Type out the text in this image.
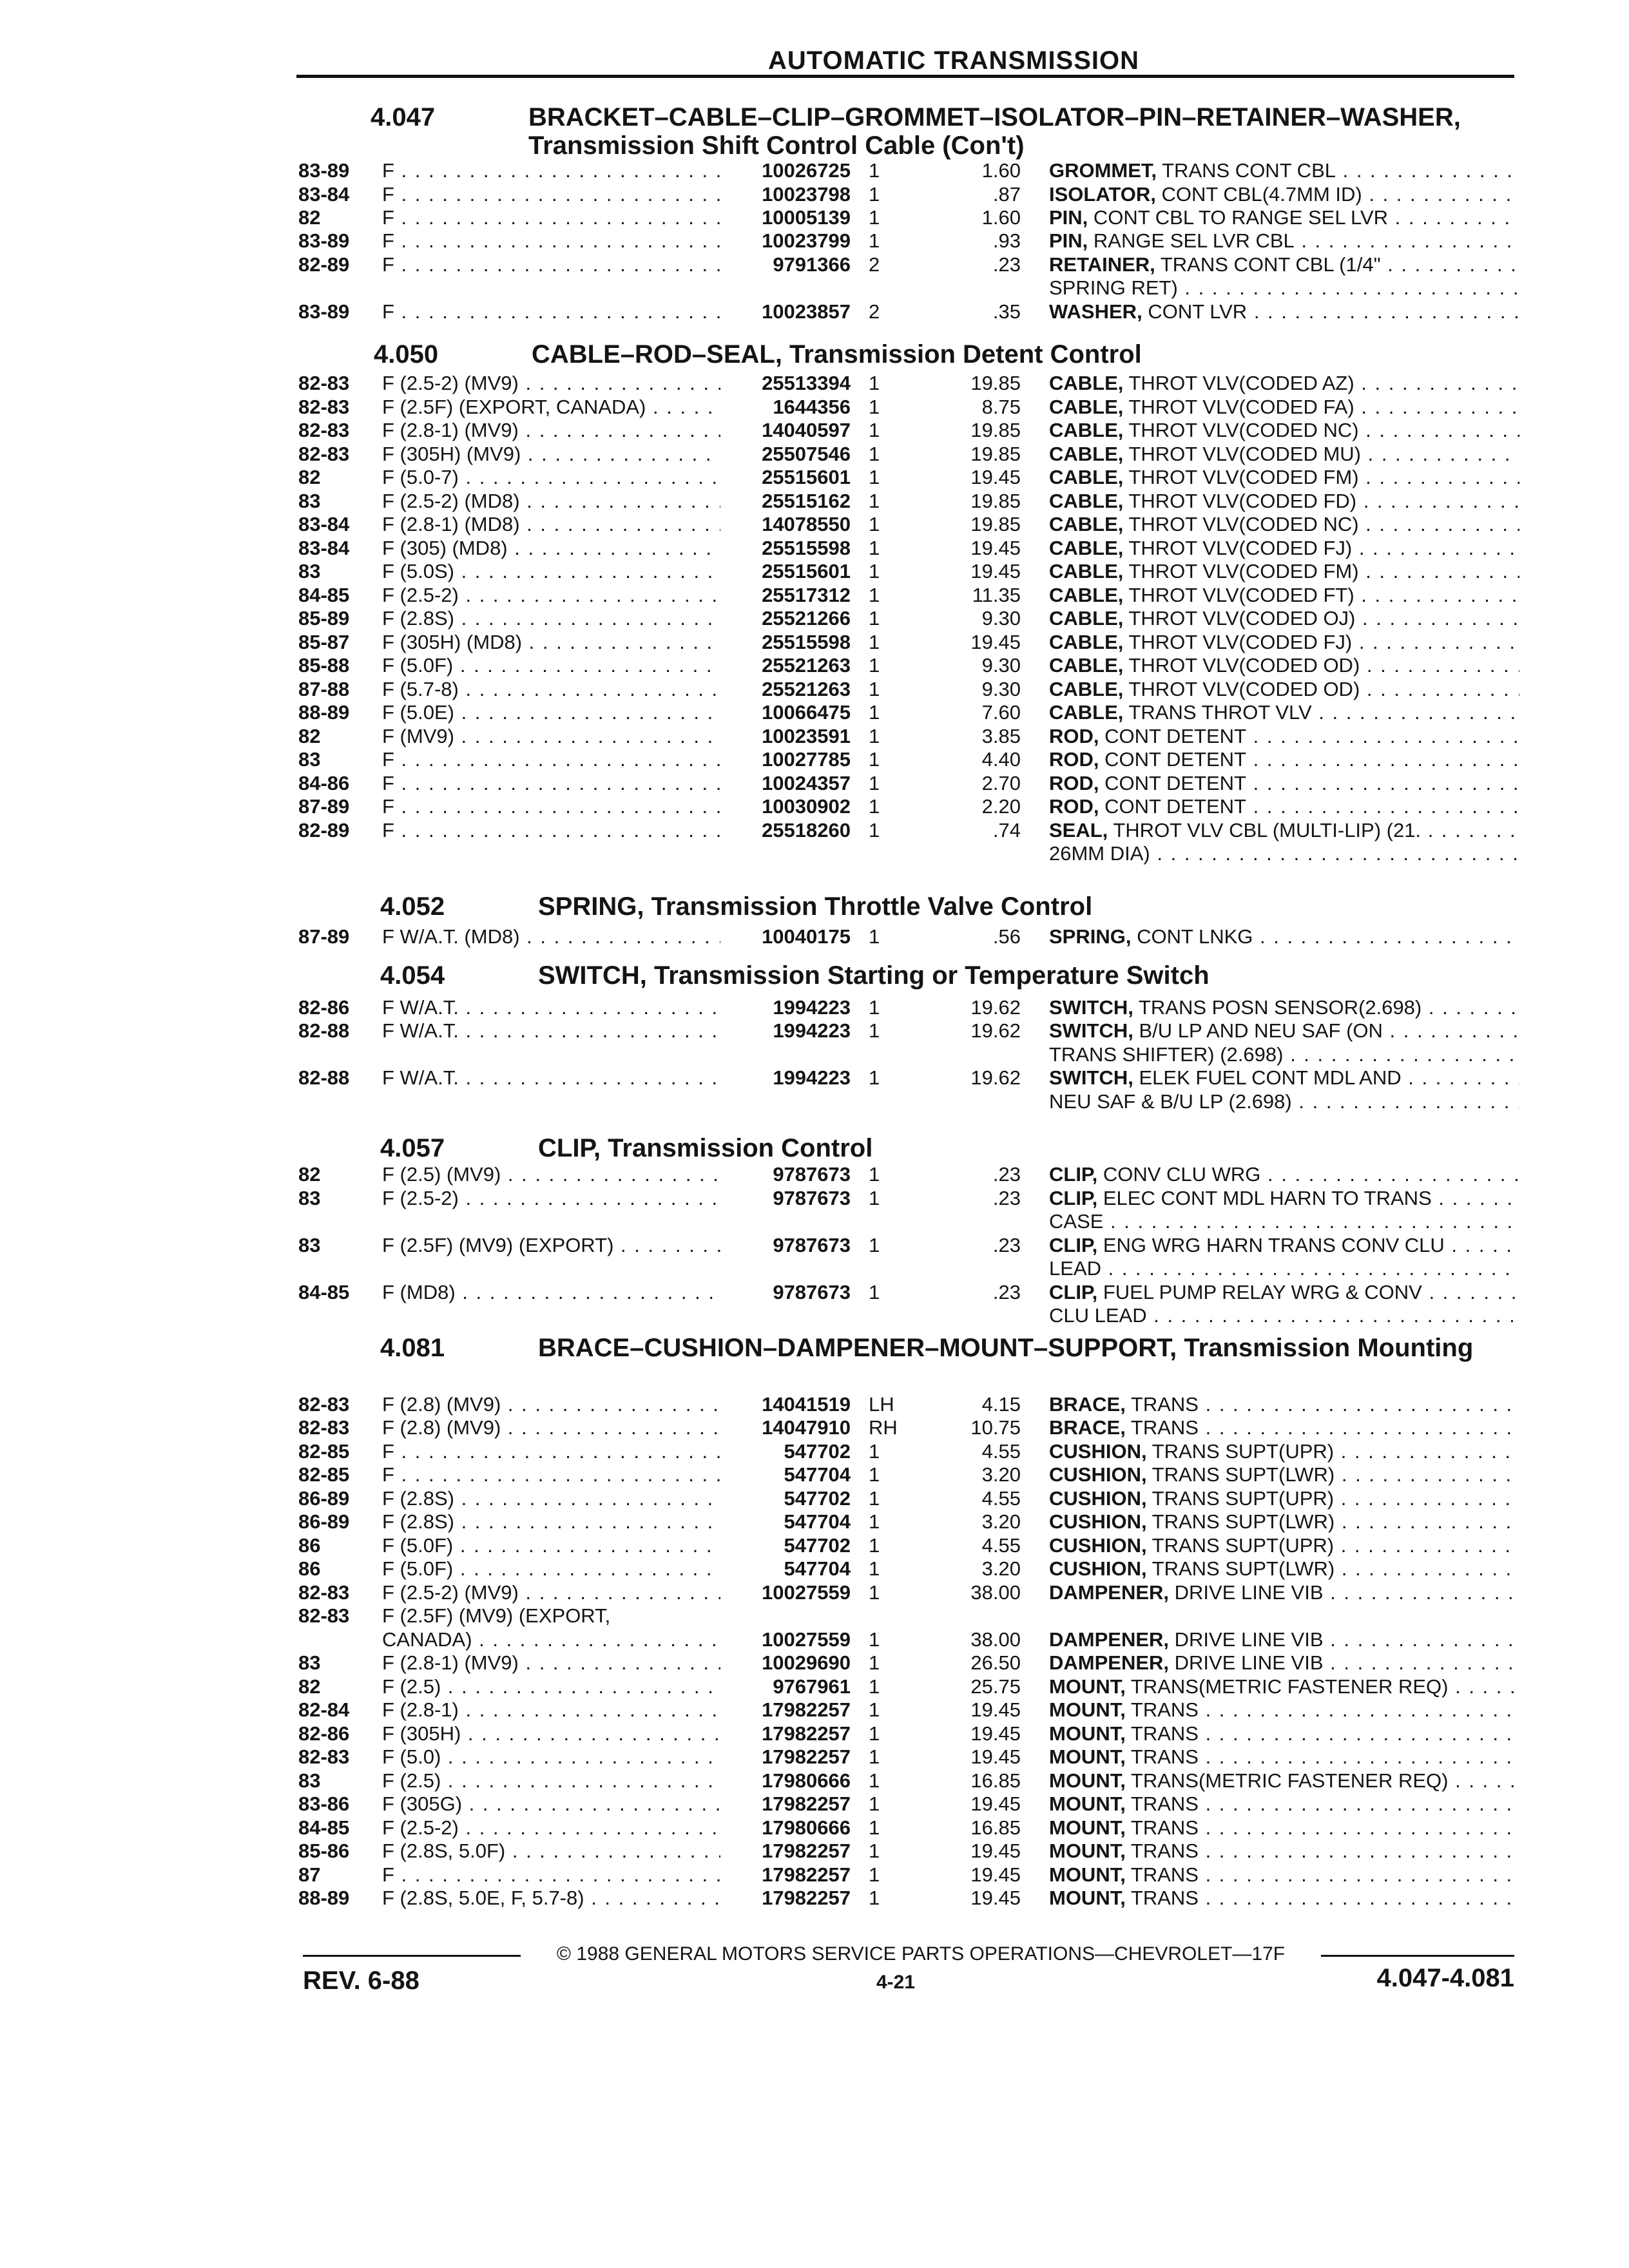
AUTOMATIC TRANSMISSION
4.047	BRACKET–CABLE–CLIP–GROMMET–ISOLATOR–PIN–RETAINER–WASHER, Transmission Shift Control Cable (Con't)
4.050	CABLE–ROD–SEAL, Transmission Detent Control
4.052	SPRING, Transmission Throttle Valve Control
4.054	SWITCH, Transmission Starting or Temperature Switch
4.057	CLIP, Transmission Control
4.081	BRACE–CUSHION–DAMPENER–MOUNT–SUPPORT, Transmission Mounting
83-89 F . . .	10026725 1	1.60 GROMMET, TRANS CONT CBL . . .
83-84 F . . .	10023798 1	.87 ISOLATOR, CONT CBL(4.7MM ID) . . .
82	F . . .	10005139 1	1.60 PIN, CONT CBL TO RANGE SEL LVR . . .
83-89 F . . .	10023799 1	.93 PIN, RANGE SEL LVR CBL . . .
82-89 F . . .	9791366 2	.23 RETAINER, TRANS CONT CBL (1/4" . . .
SPRING RET) . . .
83-89 F . . .	10023857 2	.35 WASHER, CONT LVR . . .
82-83 F (2.5-2) (MV9) . . .	25513394 1	19.85 CABLE, THROT VLV(CODED AZ) . . .
82-83 F (2.5F) (EXPORT, CANADA) . . .	1644356 1	8.75 CABLE, THROT VLV(CODED FA) . . .
82-83 F (2.8-1) (MV9) . . .	14040597 1	19.85 CABLE, THROT VLV(CODED NC) . . .
82-83 F (305H) (MV9) . . .	25507546 1	19.85 CABLE, THROT VLV(CODED MU) . . .
82	F (5.0-7) . . .	25515601 1	19.45 CABLE, THROT VLV(CODED FM) . . .
83	F (2.5-2) (MD8) . . .	25515162 1	19.85 CABLE, THROT VLV(CODED FD) . . .
83-84 F (2.8-1) (MD8) . . .	14078550 1	19.85 CABLE, THROT VLV(CODED NC) . . .
83-84 F (305) (MD8) . . .	25515598 1	19.45 CABLE, THROT VLV(CODED FJ) . . .
83	F (5.0S) . . .	25515601 1	19.45 CABLE, THROT VLV(CODED FM) . . .
84-85 F (2.5-2) . . .	25517312 1	11.35 CABLE, THROT VLV(CODED FT) . . .
85-89 F (2.8S) . . .	25521266 1	9.30 CABLE, THROT VLV(CODED OJ) . . .
85-87 F (305H) (MD8) . . .	25515598 1	19.45 CABLE, THROT VLV(CODED FJ) . . .
85-88 F (5.0F) . . .	25521263 1	9.30 CABLE, THROT VLV(CODED OD) . . .
87-88 F (5.7-8) . . .	25521263 1	9.30 CABLE, THROT VLV(CODED OD) . . .
88-89 F (5.0E) . . .	10066475 1	7.60 CABLE, TRANS THROT VLV . . .
82	F (MV9) . . .	10023591 1	3.85 ROD, CONT DETENT . . .
83	F . . .	10027785 1	4.40 ROD, CONT DETENT . . .
84-86 F . . .	10024357 1	2.70 ROD, CONT DETENT . . .
87-89 F . . .	10030902 1	2.20 ROD, CONT DETENT . . .
82-89 F . . .	25518260 1	.74 SEAL, THROT VLV CBL (MULTI-LIP) (21. . . .
26MM DIA) . . .
87-89 F W/A.T. (MD8) . . .	10040175 1	.56 SPRING, CONT LNKG . . .
82-86 F W/A.T. . . .	1994223 1	19.62 SWITCH, TRANS POSN SENSOR(2.698) . . .
82-88 F W/A.T. . . .	1994223 1	19.62 SWITCH, B/U LP AND NEU SAF (ON . . .
TRANS SHIFTER) (2.698) . . .
82-88 F W/A.T. . . .	1994223 1	19.62 SWITCH, ELEK FUEL CONT MDL AND . . .
NEU SAF & B/U LP (2.698) . . .
82	F (2.5) (MV9) . . .	9787673 1	.23 CLIP, CONV CLU WRG . . .
83	F (2.5-2) . . .	9787673 1	.23 CLIP, ELEC CONT MDL HARN TO TRANS . . .
CASE . . .
83	F (2.5F) (MV9) (EXPORT) . . .	9787673 1	.23 CLIP, ENG WRG HARN TRANS CONV CLU . . .
LEAD . . .
84-85 F (MD8) . . .	9787673 1	.23 CLIP, FUEL PUMP RELAY WRG & CONV . . .
CLU LEAD . . .
82-83 F (2.8) (MV9) . . .	14041519 LH	4.15 BRACE, TRANS . . .
82-83 F (2.8) (MV9) . . .	14047910 RH	10.75 BRACE, TRANS . . .
82-85 F . . .	547702 1	4.55 CUSHION, TRANS SUPT(UPR) . . .
82-85 F . . .	547704 1	3.20 CUSHION, TRANS SUPT(LWR) . . .
86-89 F (2.8S) . . .	547702 1	4.55 CUSHION, TRANS SUPT(UPR) . . .
86-89 F (2.8S) . . .	547704 1	3.20 CUSHION, TRANS SUPT(LWR) . . .
86	F (5.0F) . . .	547702 1	4.55 CUSHION, TRANS SUPT(UPR) . . .
86	F (5.0F) . . .	547704 1	3.20 CUSHION, TRANS SUPT(LWR) . . .
82-83 F (2.5-2) (MV9) . . .	10027559 1	38.00 DAMPENER, DRIVE LINE VIB . . .
82-83 F (2.5F) (MV9) (EXPORT,
CANADA) . . .	10027559 1	38.00 DAMPENER, DRIVE LINE VIB . . .
83	F (2.8-1) (MV9) . . .	10029690 1	26.50 DAMPENER, DRIVE LINE VIB . . .
82	F (2.5) . . .	9767961 1	25.75 MOUNT, TRANS(METRIC FASTENER REQ) . . .
82-84 F (2.8-1) . . .	17982257 1	19.45 MOUNT, TRANS . . .
82-86 F (305H) . . .	17982257 1	19.45 MOUNT, TRANS . . .
82-83 F (5.0) . . .	17982257 1	19.45 MOUNT, TRANS . . .
83	F (2.5) . . .	17980666 1	16.85 MOUNT, TRANS(METRIC FASTENER REQ) . . .
83-86 F (305G) . . .	17982257 1	19.45 MOUNT, TRANS . . .
84-85 F (2.5-2) . . .	17980666 1	16.85 MOUNT, TRANS . . .
85-86 F (2.8S, 5.0F) . . .	17982257 1	19.45 MOUNT, TRANS . . .
87	F . . .	17982257 1	19.45 MOUNT, TRANS . . .
88-89 F (2.8S, 5.0E, F, 5.7-8) . . .	17982257 1	19.45 MOUNT, TRANS . . .
© 1988 GENERAL MOTORS SERVICE PARTS OPERATIONS—CHEVROLET—17F
REV. 6-88	4-21	4.047-4.081
